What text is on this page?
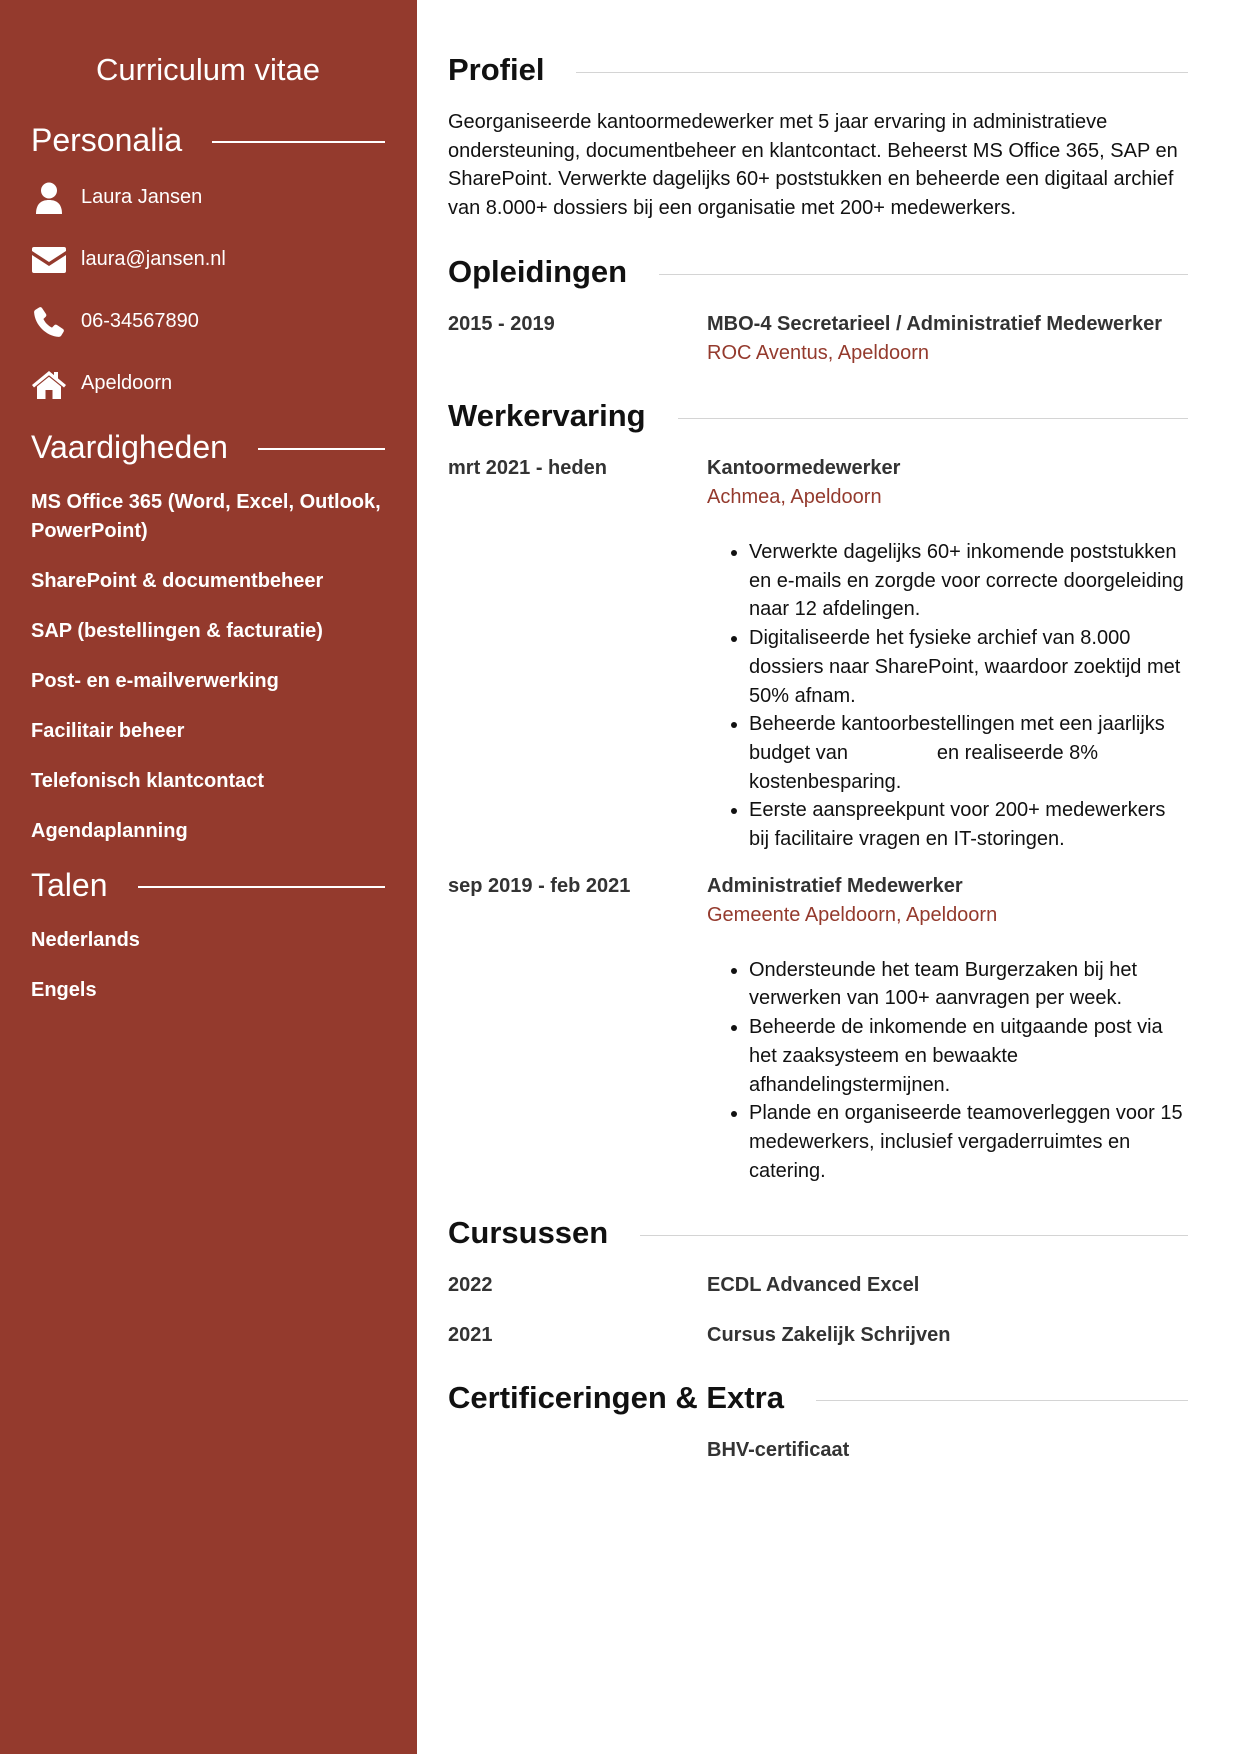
Curriculum vitae
Personalia
Laura Jansen
laura@jansen.nl
06-34567890
Apeldoorn
Vaardigheden
MS Office 365 (Word, Excel, Outlook, PowerPoint)
SharePoint & documentbeheer
SAP (bestellingen & facturatie)
Post- en e-mailverwerking
Facilitair beheer
Telefonisch klantcontact
Agendaplanning
Talen
Nederlands
Engels
Profiel

Georganiseerde kantoormedewerker met 5 jaar ervaring in administratieve ondersteuning, documentbeheer en klantcontact. Beheerst MS Office 365, SAP en SharePoint. Verwerkte dagelijks 60+ poststukken en beheerde een digitaal archief van 8.000+ dossiers bij een organisatie met 200+ medewerkers.

Opleidingen
2015 - 2019	MBO-4 Secretarieel / Administratief Medewerker
ROC Aventus, Apeldoorn
Werkervaring
mrt 2021 - heden	Kantoormedewerker
Achmea, Apeldoorn
• Verwerkte dagelijks 60+ inkomende poststukken en e-mails en zorgde voor correcte doorgeleiding naar 12 afdelingen.
• Digitaliseerde het fysieke archief van 8.000 dossiers naar SharePoint, waardoor zoektijd met 50% afnam.
• Beheerde kantoorbestellingen met een jaarlijks budget van                en realiseerde 8% kostenbesparing.
• Eerste aanspreekpunt voor 200+ medewerkers bij facilitaire vragen en IT-storingen.
sep 2019 - feb 2021	Administratief Medewerker
Gemeente Apeldoorn, Apeldoorn
• Ondersteunde het team Burgerzaken bij het verwerken van 100+ aanvragen per week.
• Beheerde de inkomende en uitgaande post via het zaaksysteem en bewaakte afhandelingstermijnen.
• Plande en organiseerde teamoverleggen voor 15 medewerkers, inclusief vergaderruimtes en catering.
Cursussen
2022	ECDL Advanced Excel
2021	Cursus Zakelijk Schrijven
Certificeringen & Extra
BHV-certificaat
